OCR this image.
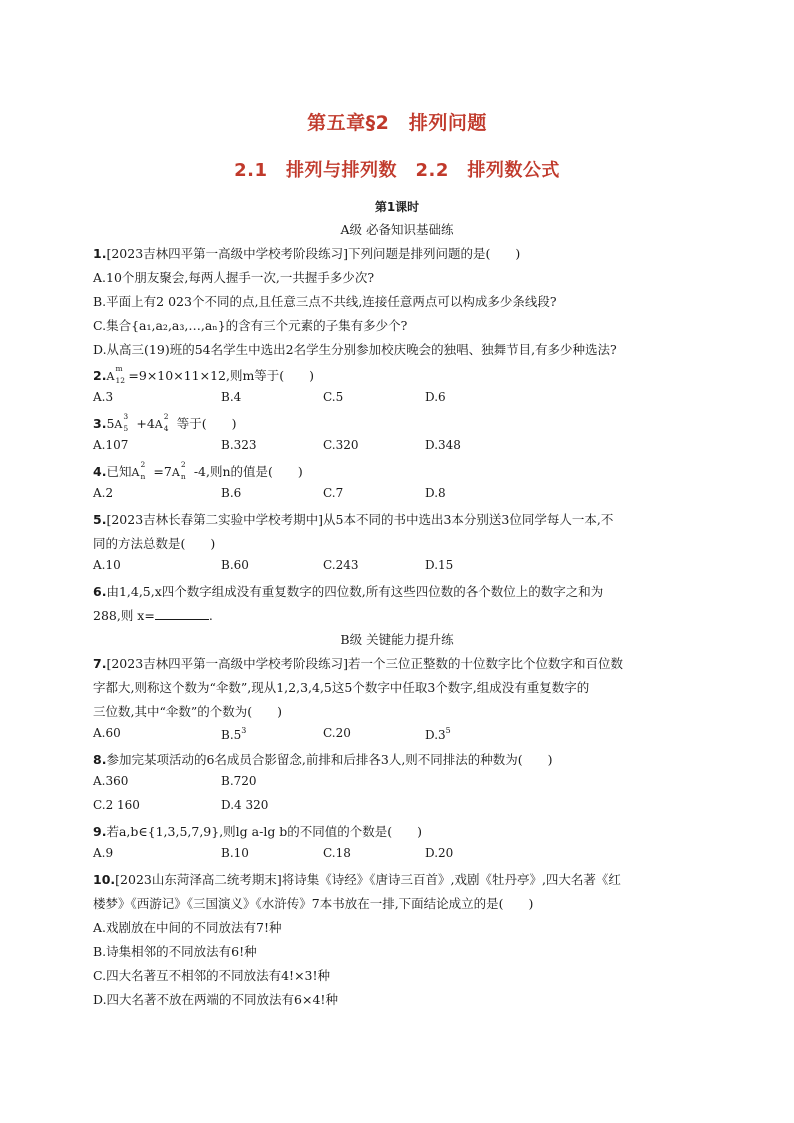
第五章§2　排列问题
2.1　排列与排列数　2.2　排列数公式
第1课时
A级 必备知识基础练
1.[2023吉林四平第一高级中学校考阶段练习]下列问题是排列问题的是(　　)
A.10个朋友聚会,每两人握手一次,一共握手多少次?
B.平面上有2 023个不同的点,且任意三点不共线,连接任意两点可以构成多少条线段?
C.集合{a₁,a₂,a₃,…,aₙ}的含有三个元素的子集有多少个?
D.从高三(19)班的54名学生中选出2名学生分别参加校庆晚会的独唱、独舞节目,有多少种选法?
2.A
m
12 =9×10×11×12,则m等于(　　)
A.3	B.4	C.5	D.6
3.5A
3
5 +4A
2
4 等于(　　)
A.107	B.323	C.320	D.348
4.已知A
2
n =7A
2
n -4,则n的值是(　　)
A.2	B.6	C.7	D.8
5.[2023吉林长春第二实验中学校考期中]从5本不同的书中选出3本分别送3位同学每人一本,不
同的方法总数是(　　)
A.10	B.60	C.243	D.15
6.由1,4,5,x四个数字组成没有重复数字的四位数,所有这些四位数的各个数位上的数字之和为
288,则 x=	.
B级 关键能力提升练
7.[2023吉林四平第一高级中学校考阶段练习]若一个三位正整数的十位数字比个位数字和百位数
字都大,则称这个数为“伞数”,现从1,2,3,4,5这5个数字中任取3个数字,组成没有重复数字的
三位数,其中“伞数”的个数为(　　)
A.60	$B.5^3$	C.20	$D.3^5$
8.参加完某项活动的6名成员合影留念,前排和后排各3人,则不同排法的种数为(　　)
A.360	B.720
C.2 160	D.4 320
9.若a,b∈{1,3,5,7,9},则lg a-lg b的不同值的个数是(　　)
A.9	B.10	C.18	D.20
10.[2023山东菏泽高二统考期末]将诗集《诗经》《唐诗三百首》,戏剧《牡丹亭》,四大名著《红
楼梦》《西游记》《三国演义》《水浒传》7本书放在一排,下面结论成立的是(　　)
A.戏剧放在中间的不同放法有7!种
B.诗集相邻的不同放法有6!种
C.四大名著互不相邻的不同放法有4!×3!种
D.四大名著不放在两端的不同放法有6×4!种
